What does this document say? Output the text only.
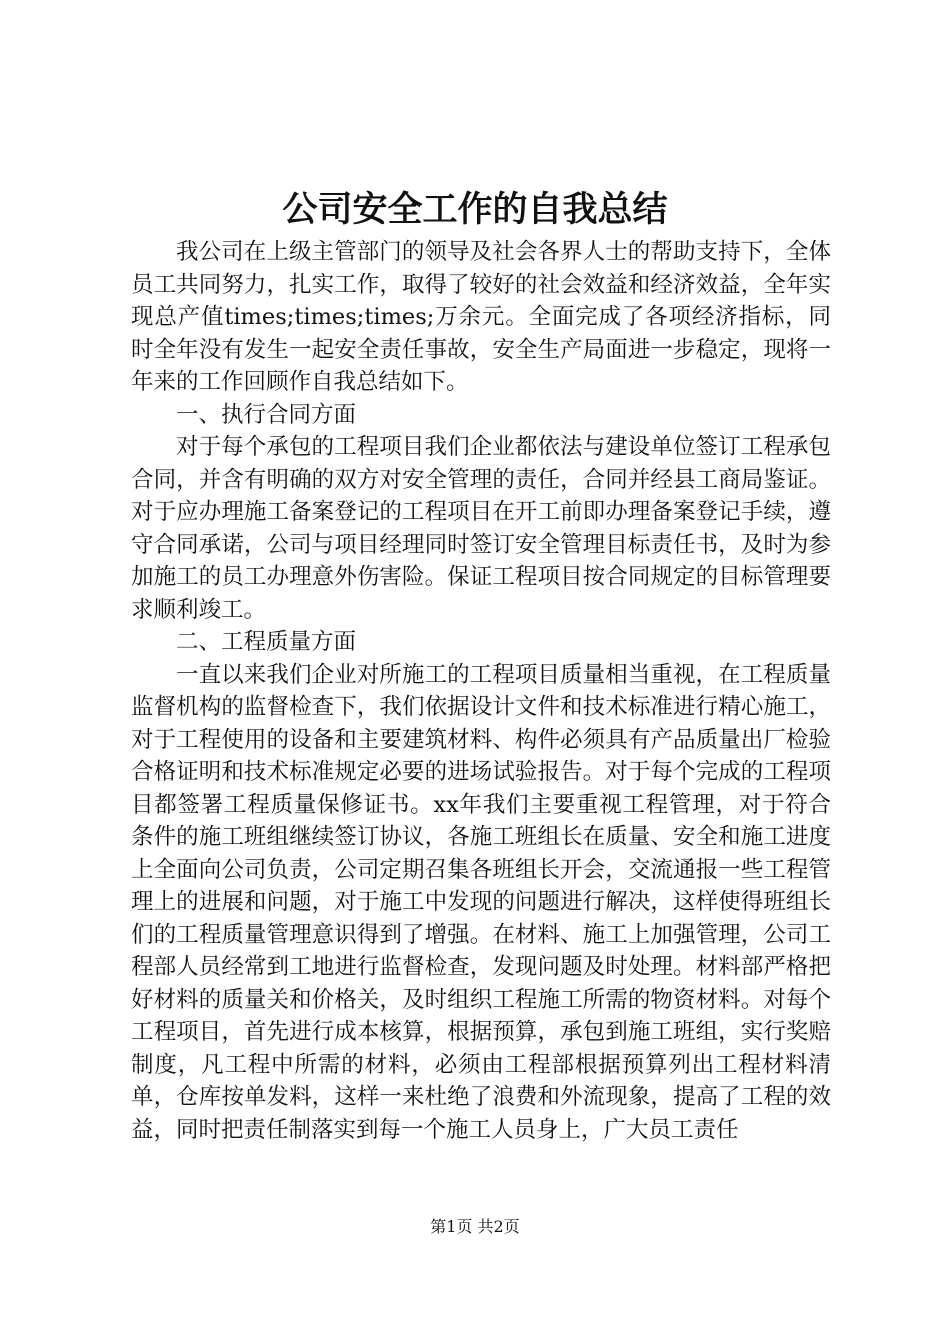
公司安全工作的自我总结

我公司在上级主管部门的领导及社会各界人士的帮助支持下，全体员工共同努力，扎实工作，取得了较好的社会效益和经济效益，全年实现总产值times;times;times;万余元。全面完成了各项经济指标，同时全年没有发生一起安全责任事故，安全生产局面进一步稳定，现将一年来的工作回顾作自我总结如下。

一、执行合同方面

对于每个承包的工程项目我们企业都依法与建设单位签订工程承包合同，并含有明确的双方对安全管理的责任，合同并经县工商局鉴证。对于应办理施工备案登记的工程项目在开工前即办理备案登记手续，遵守合同承诺，公司与项目经理同时签订安全管理目标责任书，及时为参加施工的员工办理意外伤害险。保证工程项目按合同规定的目标管理要求顺利竣工。

二、工程质量方面

一直以来我们企业对所施工的工程项目质量相当重视，在工程质量监督机构的监督检查下，我们依据设计文件和技术标准进行精心施工，对于工程使用的设备和主要建筑材料、构件必须具有产品质量出厂检验合格证明和技术标准规定必要的进场试验报告。对于每个完成的工程项目都签署工程质量保修证书。xx年我们主要重视工程管理，对于符合条件的施工班组继续签订协议，各施工班组长在质量、安全和施工进度上全面向公司负责，公司定期召集各班组长开会，交流通报一些工程管理上的进展和问题，对于施工中发现的问题进行解决，这样使得班组长们的工程质量管理意识得到了增强。在材料、施工上加强管理，公司工程部人员经常到工地进行监督检查，发现问题及时处理。材料部严格把好材料的质量关和价格关，及时组织工程施工所需的物资材料。对每个工程项目，首先进行成本核算，根据预算，承包到施工班组，实行奖赔制度，凡工程中所需的材料，必须由工程部根据预算列出工程材料清单，仓库按单发料，这样一来杜绝了浪费和外流现象，提高了工程的效益，同时把责任制落实到每一个施工人员身上，广大员工责任

第1页 共2页
